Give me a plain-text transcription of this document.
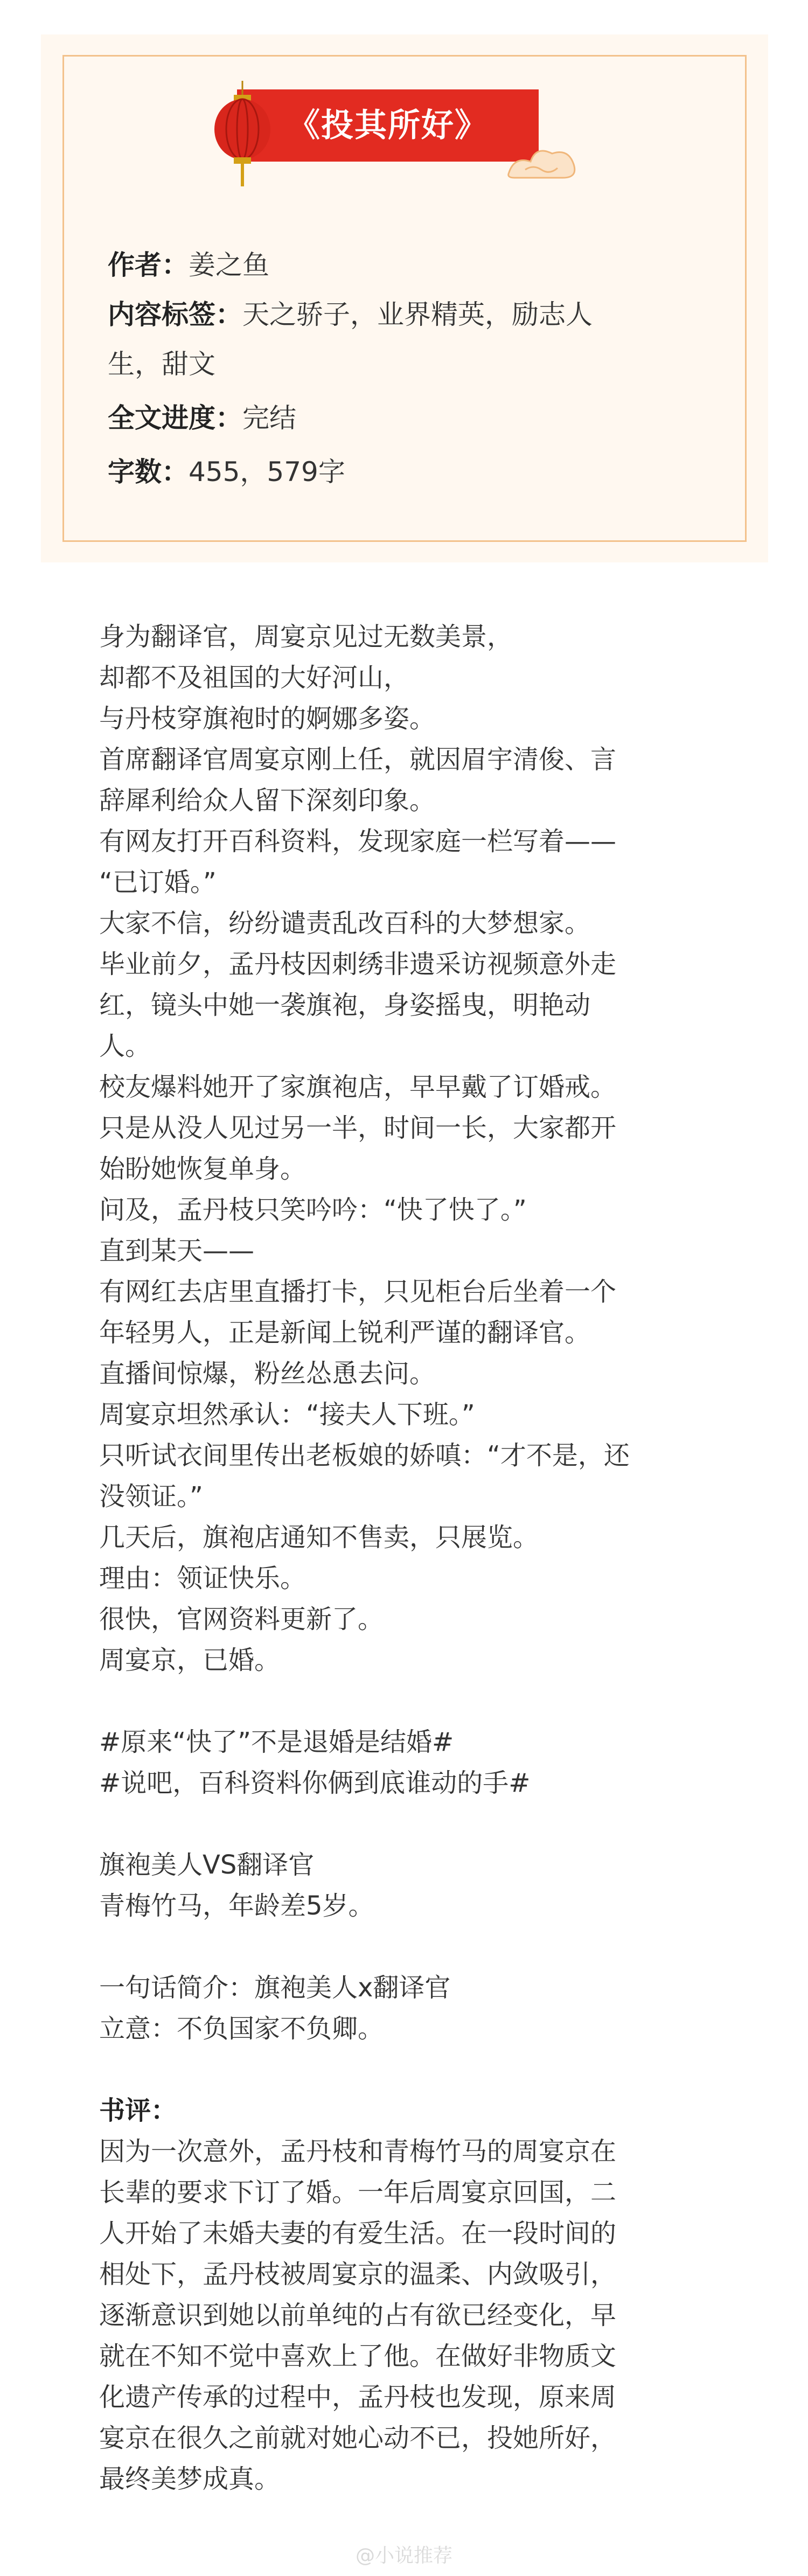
《投其所好》
作者：姜之鱼
内容标签：天之骄子，业界精英，励志人
生，甜文
全文进度：完结
字数：455，579字
身为翻译官，周宴京见过无数美景，
却都不及祖国的大好河山，
与丹枝穿旗袍时的婀娜多姿。
首席翻译官周宴京刚上任，就因眉宇清俊、言
辞犀利给众人留下深刻印象。
有网友打开百科资料，发现家庭一栏写着——
“已订婚。”
大家不信，纷纷谴责乱改百科的大梦想家。
毕业前夕，孟丹枝因刺绣非遗采访视频意外走
红，镜头中她一袭旗袍，身姿摇曳，明艳动
人。
校友爆料她开了家旗袍店，早早戴了订婚戒。
只是从没人见过另一半，时间一长，大家都开
始盼她恢复单身。
问及，孟丹枝只笑吟吟：“快了快了。”
直到某天——
有网红去店里直播打卡，只见柜台后坐着一个
年轻男人，正是新闻上锐利严谨的翻译官。
直播间惊爆，粉丝怂恿去问。
周宴京坦然承认：“接夫人下班。”
只听试衣间里传出老板娘的娇嗔：“才不是，还
没领证。”
几天后，旗袍店通知不售卖，只展览。
理由：领证快乐。
很快，官网资料更新了。
周宴京，已婚。
#原来“快了”不是退婚是结婚#
#说吧，百科资料你俩到底谁动的手#
旗袍美人VS翻译官
青梅竹马，年龄差5岁。
一句话简介：旗袍美人x翻译官
立意：不负国家不负卿。
书评：
因为一次意外，孟丹枝和青梅竹马的周宴京在
长辈的要求下订了婚。一年后周宴京回国，二
人开始了未婚夫妻的有爱生活。在一段时间的
相处下，孟丹枝被周宴京的温柔、内敛吸引，
逐渐意识到她以前单纯的占有欲已经变化，早
就在不知不觉中喜欢上了他。在做好非物质文
化遗产传承的过程中，孟丹枝也发现，原来周
宴京在很久之前就对她心动不已，投她所好，
最终美梦成真。
@小说推荐
